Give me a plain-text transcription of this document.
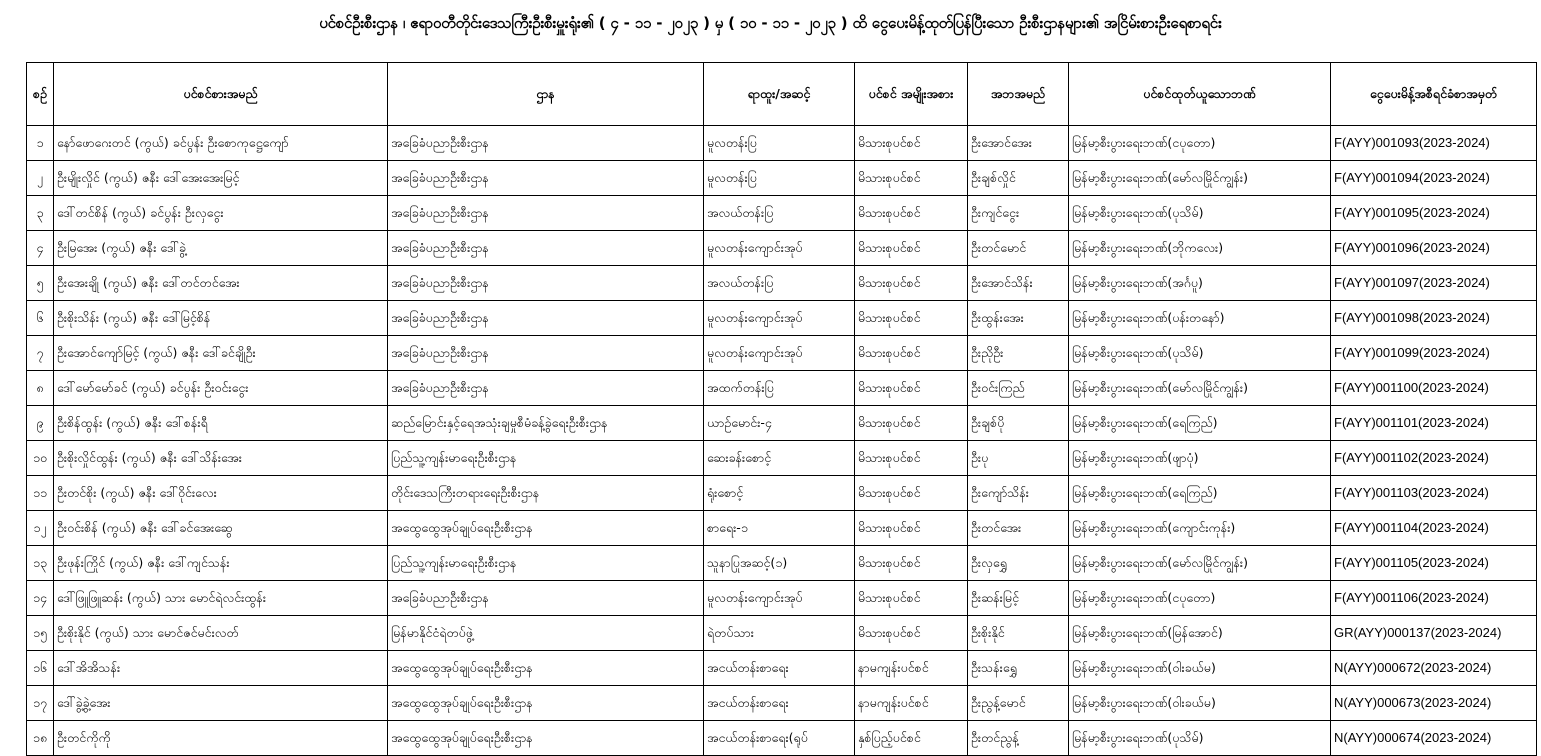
ပင်စင်ဦးစီးဌာန ၊ ဧရာဝတီတိုင်းဒေသကြီးဦးစီးမှူးရုံး၏ ( ၄ - ၁၁ - ၂၀၂၃ ) မှ ( ၁၀ - ၁၁ - ၂၀၂၃ ) ထိ ငွေပေးမိန့်ထုတ်ပြန်ပြီးသော ဦးစီးဌာနများ၏ အငြိမ်းစားဦးရေစာရင်း
စဉ်	ပင်စင်စားအမည်	ဌာန	ရာထူး/အဆင့်	ပင်စင် အမျိုးအစား	အဘအမည်	ပင်စင်ထုတ်ယူသောဘဏ်	ငွေပေးမိန့်အစီရင်ခံစာအမှတ်
၁	နော်ဖောဂေးတင် (ကွယ်) ခင်ပွန်း ဦးစောကုဋ္ဌေကျော်	အခြေခံပညာဦးစီးဌာန	မူလတန်းပြ	မိသားစုပင်စင်	ဦးအောင်အေး	မြန်မာ့စီးပွားရေးဘဏ်(ငပုတော)	F(AYY)001093(2023-2024)
၂	ဦးမျိုးလှိုင် (ကွယ်) ဇနီး ဒေါ်အေးအေးမြင့်	အခြေခံပညာဦးစီးဌာန	မူလတန်းပြ	မိသားစုပင်စင်	ဦးချစ်လှိုင်	မြန်မာ့စီးပွားရေးဘဏ်(မော်လမြိုင်ကျွန်း)	F(AYY)001094(2023-2024)
၃	ဒေါ်တင်စိန် (ကွယ်) ခင်ပွန်း ဦးလှငွေး	အခြေခံပညာဦးစီးဌာန	အလယ်တန်းပြ	မိသားစုပင်စင်	ဦးကျင်ငွေး	မြန်မာ့စီးပွားရေးဘဏ်(ပုသိမ်)	F(AYY)001095(2023-2024)
၄	ဦးမြအေး (ကွယ်) ဇနီး ဒေါ်ခွဲ့	အခြေခံပညာဦးစီးဌာန	မူလတန်းကျောင်းအုပ်	မိသားစုပင်စင်	ဦးတင်မောင်	မြန်မာ့စီးပွားရေးဘဏ်(ဘိုကလေး)	F(AYY)001096(2023-2024)
၅	ဦးအေးချို (ကွယ်) ဇနီး ဒေါ်တင်တင်အေး	အခြေခံပညာဦးစီးဌာန	အလယ်တန်းပြ	မိသားစုပင်စင်	ဦးအောင်သိန်း	မြန်မာ့စီးပွားရေးဘဏ်(အင်္ဂပူ)	F(AYY)001097(2023-2024)
၆	ဦးစိုးသိန်း (ကွယ်) ဇနီး ဒေါ်မြင့်စိန်	အခြေခံပညာဦးစီးဌာန	မူလတန်းကျောင်းအုပ်	မိသားစုပင်စင်	ဦးထွန်းအေး	မြန်မာ့စီးပွားရေးဘဏ်(ပန်းတနော်)	F(AYY)001098(2023-2024)
၇	ဦးအောင်ကျော်မြင့် (ကွယ်) ဇနီး ဒေါ်ခင်ချိုဦး	အခြေခံပညာဦးစီးဌာန	မူလတန်းကျောင်းအုပ်	မိသားစုပင်စင်	ဦးညိုဦး	မြန်မာ့စီးပွားရေးဘဏ်(ပုသိမ်)	F(AYY)001099(2023-2024)
၈	ဒေါ်မော်မော်ခင် (ကွယ်) ခင်ပွန်း ဦးဝင်းငွေး	အခြေခံပညာဦးစီးဌာန	အထက်တန်းပြ	မိသားစုပင်စင်	ဦးဝင်းကြည်	မြန်မာ့စီးပွားရေးဘဏ်(မော်လမြိုင်ကျွန်း)	F(AYY)001100(2023-2024)
၉	ဦးစိန်ထွန်း (ကွယ်) ဇနီး ဒေါ်စန်းရီ	ဆည်မြောင်းနှင့်ရေအသုံးချမှုစီမံခန့်ခွဲရေးဦးစီးဌာန	ယာဉ်မောင်း-၄	မိသားစုပင်စင်	ဦးချစ်ပို	မြန်မာ့စီးပွားရေးဘဏ်(ရေကြည်)	F(AYY)001101(2023-2024)
၁၀	ဦးစိုးလှိုင်ထွန်း (ကွယ်) ဇနီး ဒေါ်သိန်းအေး	ပြည်သူ့ကျန်းမာရေးဦးစီးဌာန	ဆေးခန်းစောင့်	မိသားစုပင်စင်	ဦးပု	မြန်မာ့စီးပွားရေးဘဏ်(ဖျာပုံ)	F(AYY)001102(2023-2024)
၁၁	ဦးတင်စိုး (ကွယ်) ဇနီး ဒေါ်ဝိုင်းလေး	တိုင်းဒေသကြီးတရားရေးဦးစီးဌာန	ရုံးစောင့်	မိသားစုပင်စင်	ဦးကျော်သိန်း	မြန်မာ့စီးပွားရေးဘဏ်(ရေကြည်)	F(AYY)001103(2023-2024)
၁၂	ဦးဝင်းစိန် (ကွယ်) ဇနီး ဒေါ်ခင်အေးဆွေ	အထွေထွေအုပ်ချုပ်ရေးဦးစီးဌာန	စာရေး-၁	မိသားစုပင်စင်	ဦးတင်အေး	မြန်မာ့စီးပွားရေးဘဏ်(ကျောင်းကုန်း)	F(AYY)001104(2023-2024)
၁၃	ဦးဖုန်းကြိုင် (ကွယ်) ဇနီး ဒေါ်ကျင်သန်း	ပြည်သူ့ကျန်းမာရေးဦးစီးဌာန	သူနာပြုအဆင့်(၁)	မိသားစုပင်စင်	ဦးလှရွှေ	မြန်မာ့စီးပွားရေးဘဏ်(မော်လမြိုင်ကျွန်း)	F(AYY)001105(2023-2024)
၁၄	ဒေါ်ဖြူဖြူဆန်း (ကွယ်) သား မောင်ရဲလင်းထွန်း	အခြေခံပညာဦးစီးဌာန	မူလတန်းကျောင်းအုပ်	မိသားစုပင်စင်	ဦးဆန်းမြင့်	မြန်မာ့စီးပွားရေးဘဏ်(ငပုတော)	F(AYY)001106(2023-2024)
၁၅	ဦးစိုးနိုင် (ကွယ်) သား မောင်ဇင်မင်းလတ်	မြန်မာနိုင်ငံရဲတပ်ဖွဲ့	ရဲတပ်သား	မိသားစုပင်စင်	ဦးစိုးနိုင်	မြန်မာ့စီးပွားရေးဘဏ်(မြန်အောင်)	GR(AYY)000137(2023-2024)
၁၆	ဒေါ်အိအိသန်း	အထွေထွေအုပ်ချုပ်ရေးဦးစီးဌာန	အငယ်တန်းစာရေး	နာမကျန်းပင်စင်	ဦးသန်းရွှေ	မြန်မာ့စီးပွားရေးဘဏ်(ဝါးခယ်မ)	N(AYY)000672(2023-2024)
၁၇	ဒေါ်ခွဲ့ခွဲ့အေး	အထွေထွေအုပ်ချုပ်ရေးဦးစီးဌာန	အငယ်တန်းစာရေး	နာမကျန်းပင်စင်	ဦးညွန့်မောင်	မြန်မာ့စီးပွားရေးဘဏ်(ဝါးခယ်မ)	N(AYY)000673(2023-2024)
၁၈	ဦးတင်ကိုကို	အထွေထွေအုပ်ချုပ်ရေးဦးစီးဌာန	အငယ်တန်းစာရေး(ရုပ်	နှစ်ပြည့်ပင်စင်	ဦးတင်ညွန့်	မြန်မာ့စီးပွားရေးဘဏ်(ပုသိမ်)	N(AYY)000674(2023-2024)
